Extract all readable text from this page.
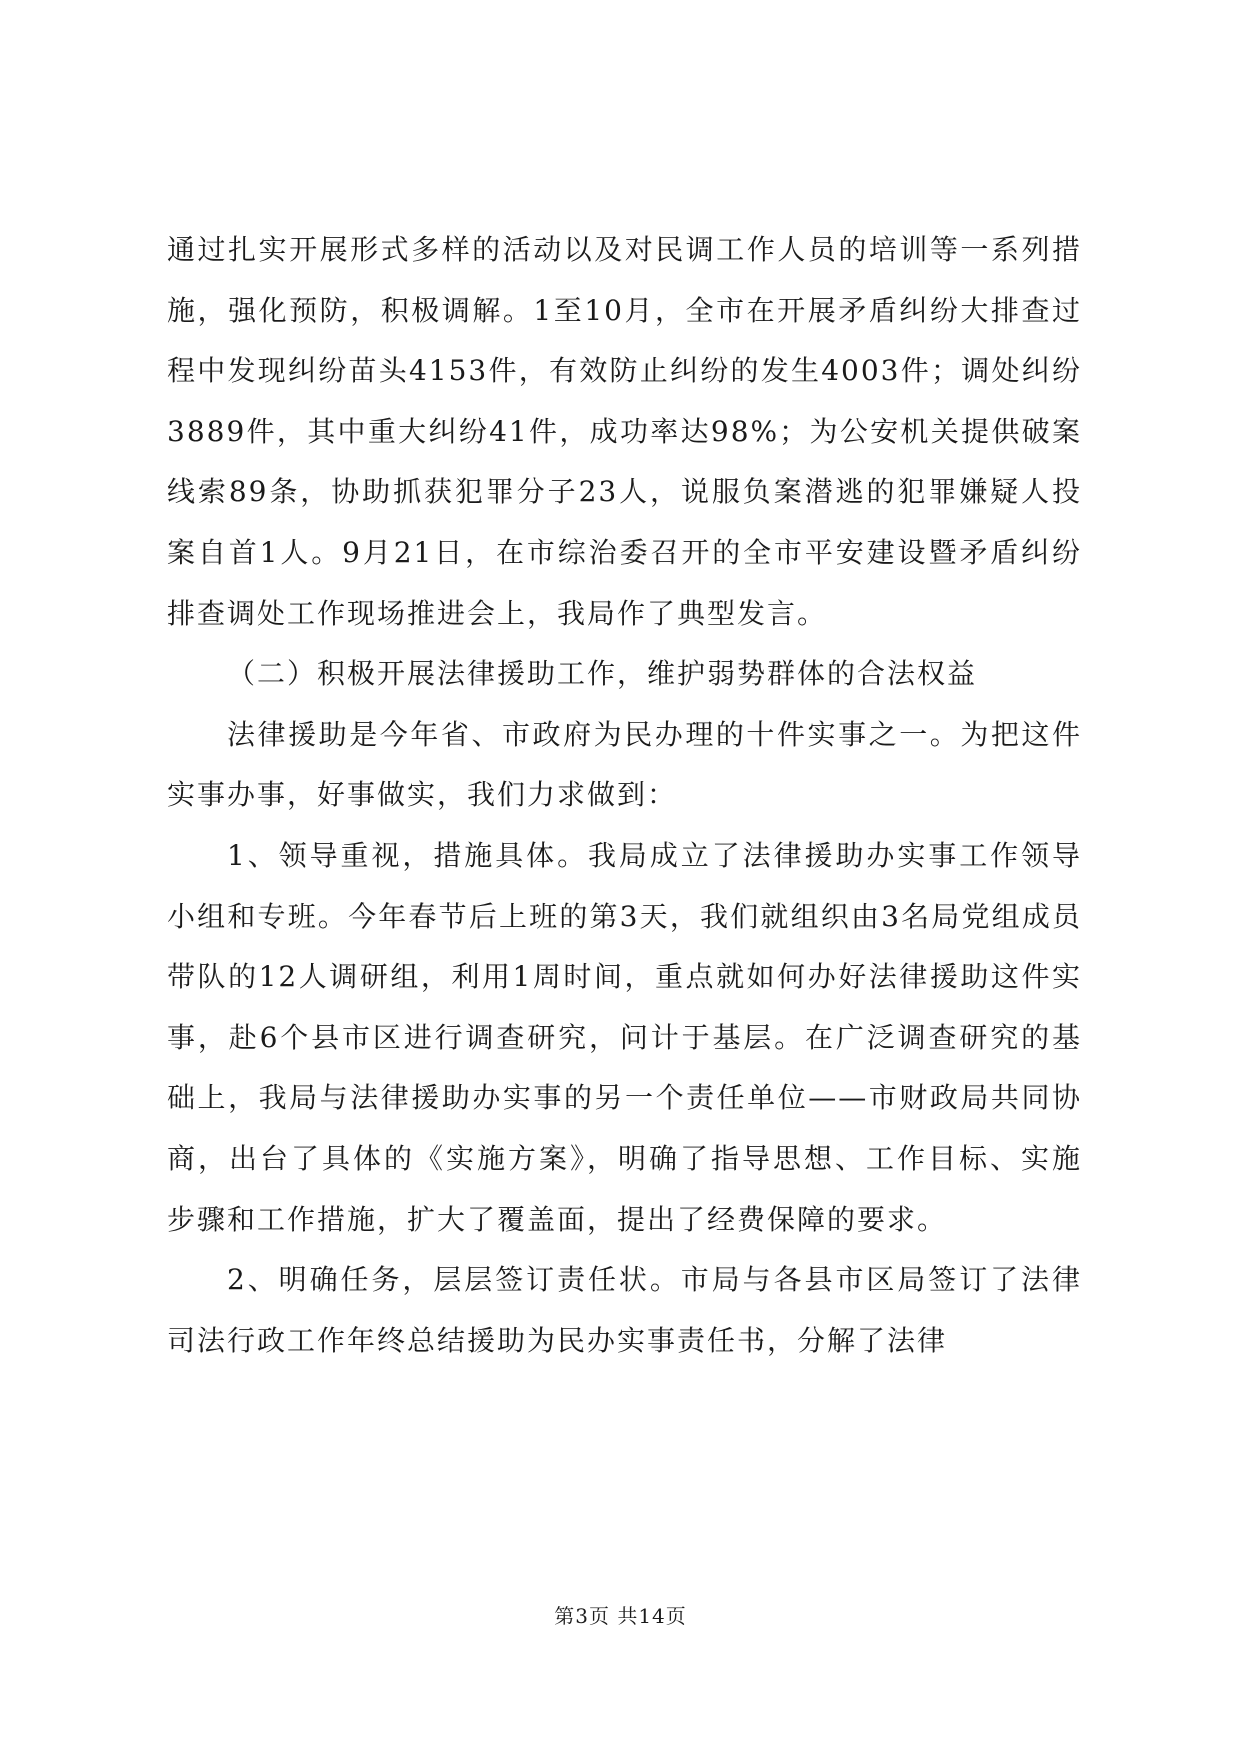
通过扎实开展形式多样的活动以及对民调工作人员的培训等一系列措施，强化预防，积极调解。1至10月，全市在开展矛盾纠纷大排查过程中发现纠纷苗头4153件，有效防止纠纷的发生4003件；调处纠纷3889件，其中重大纠纷41件，成功率达98%；为公安机关提供破案线索89条，协助抓获犯罪分子23人，说服负案潜逃的犯罪嫌疑人投案自首1人。9月21日，在市综治委召开的全市平安建设暨矛盾纠纷排查调处工作现场推进会上，我局作了典型发言。

（二）积极开展法律援助工作，维护弱势群体的合法权益

法律援助是今年省、市政府为民办理的十件实事之一。为把这件实事办事，好事做实，我们力求做到：

1、领导重视，措施具体。我局成立了法律援助办实事工作领导小组和专班。今年春节后上班的第3天，我们就组织由3名局党组成员带队的12人调研组，利用1周时间，重点就如何办好法律援助这件实事，赴6个县市区进行调查研究，问计于基层。在广泛调查研究的基础上，我局与法律援助办实事的另一个责任单位——市财政局共同协商，出台了具体的《实施方案》，明确了指导思想、工作目标、实施步骤和工作措施，扩大了覆盖面，提出了经费保障的要求。

2、明确任务，层层签订责任状。市局与各县市区局签订了法律司法行政工作年终总结援助为民办实事责任书，分解了法律

第3页 共14页
